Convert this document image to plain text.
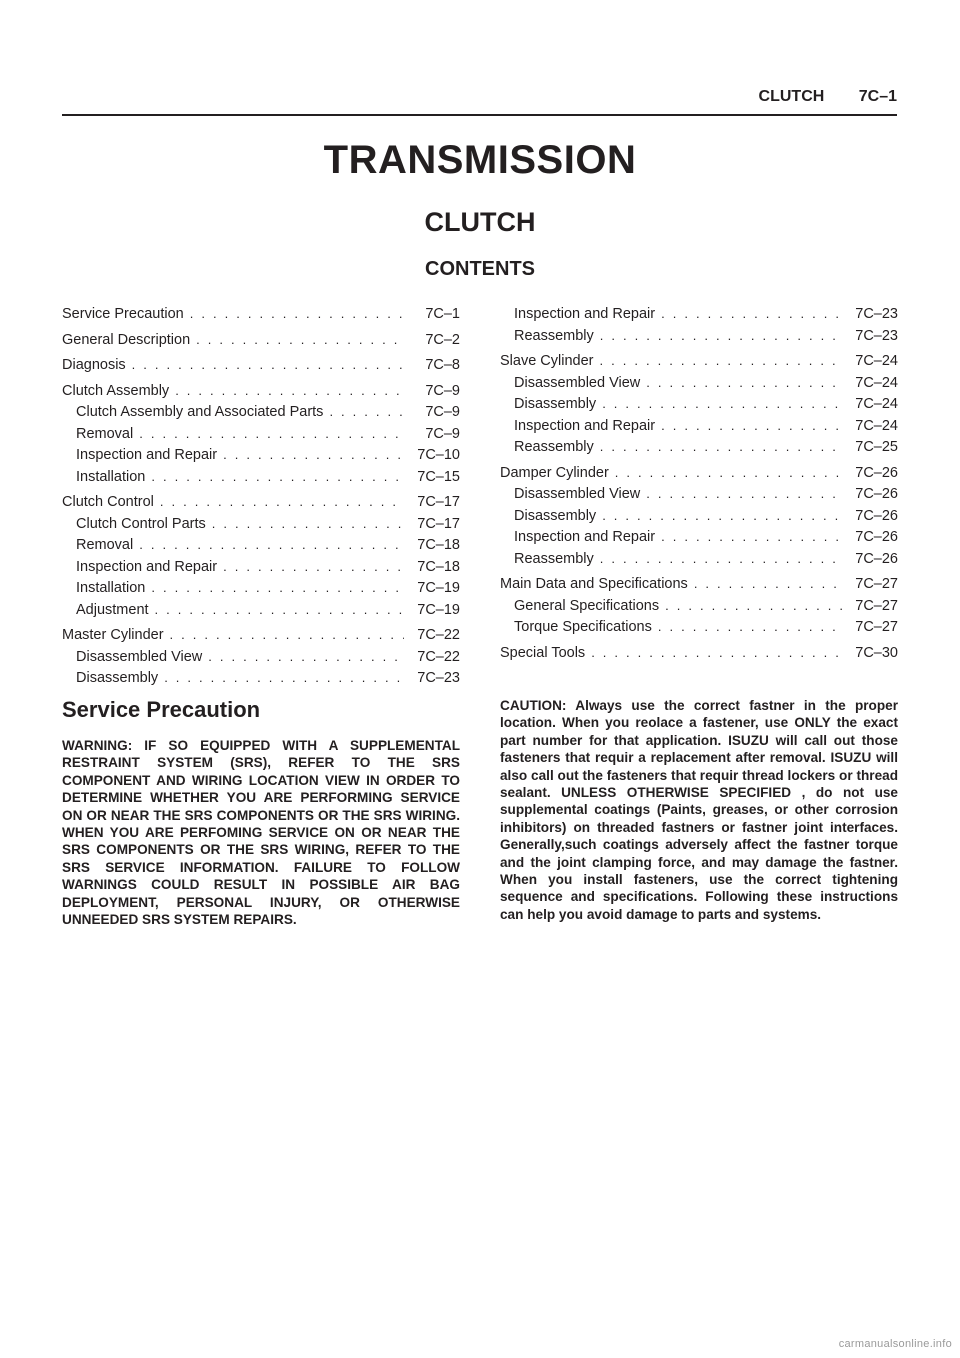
CLUTCH 7C–1
TRANSMISSION
CLUTCH
CONTENTS
Service Precaution . . .	7C–1
General Description . . .	7C–2
Diagnosis . . .	7C–8
Clutch Assembly . . .	7C–9
Clutch Assembly and Associated Parts . . .	7C–9
Removal . . .	7C–9
Inspection and Repair . . .	7C–10
Installation . . .	7C–15
Clutch Control . . .	7C–17
Clutch Control Parts . . .	7C–17
Removal . . .	7C–18
Inspection and Repair . . .	7C–18
Installation . . .	7C–19
Adjustment . . .	7C–19
Master Cylinder . . .	7C–22
Disassembled View . . .	7C–22
Disassembly . . .	7C–23
Inspection and Repair . . .	7C–23
Reassembly . . .	7C–23
Slave Cylinder . . .	7C–24
Disassembled View . . .	7C–24
Disassembly . . .	7C–24
Inspection and Repair . . .	7C–24
Reassembly . . .	7C–25
Damper Cylinder . . .	7C–26
Disassembled View . . .	7C–26
Disassembly . . .	7C–26
Inspection and Repair . . .	7C–26
Reassembly . . .	7C–26
Main Data and Specifications . . .	7C–27
General Specifications . . .	7C–27
Torque Specifications . . .	7C–27
Special Tools . . .	7C–30
Service Precaution
WARNING: IF SO EQUIPPED WITH A SUPPLEMENTAL RESTRAINT SYSTEM (SRS), REFER TO THE SRS COMPONENT AND WIRING LOCATION VIEW IN ORDER TO DETERMINE WHETHER YOU ARE PERFORMING SERVICE ON OR NEAR THE SRS COMPONENTS OR THE SRS WIRING. WHEN YOU ARE PERFOMING SERVICE ON OR NEAR THE SRS COMPONENTS OR THE SRS WIRING, REFER TO THE SRS SERVICE INFORMATION. FAILURE TO FOLLOW WARNINGS COULD RESULT IN POSSIBLE AIR BAG DEPLOYMENT, PERSONAL INJURY, OR OTHERWISE UNNEEDED SRS SYSTEM REPAIRS.
CAUTION: Always use the correct fastner in the proper location. When you reolace a fastener, use ONLY the exact part number for that application. ISUZU will call out those fasteners that requir a replacement after removal. ISUZU will also call out the fasteners that requir thread lockers or thread sealant. UNLESS OTHERWISE SPECIFIED , do not use supplemental coatings (Paints, greases, or other corrosion inhibitors) on threaded fastners or fastner joint interfaces. Generally,such coatings adversely affect the fastner torque and the joint clamping force, and may damage the fastner. When you install fasteners, use the correct tightening sequence and specifications. Following these instructions can help you avoid damage to parts and systems.
carmanualsonline.info
